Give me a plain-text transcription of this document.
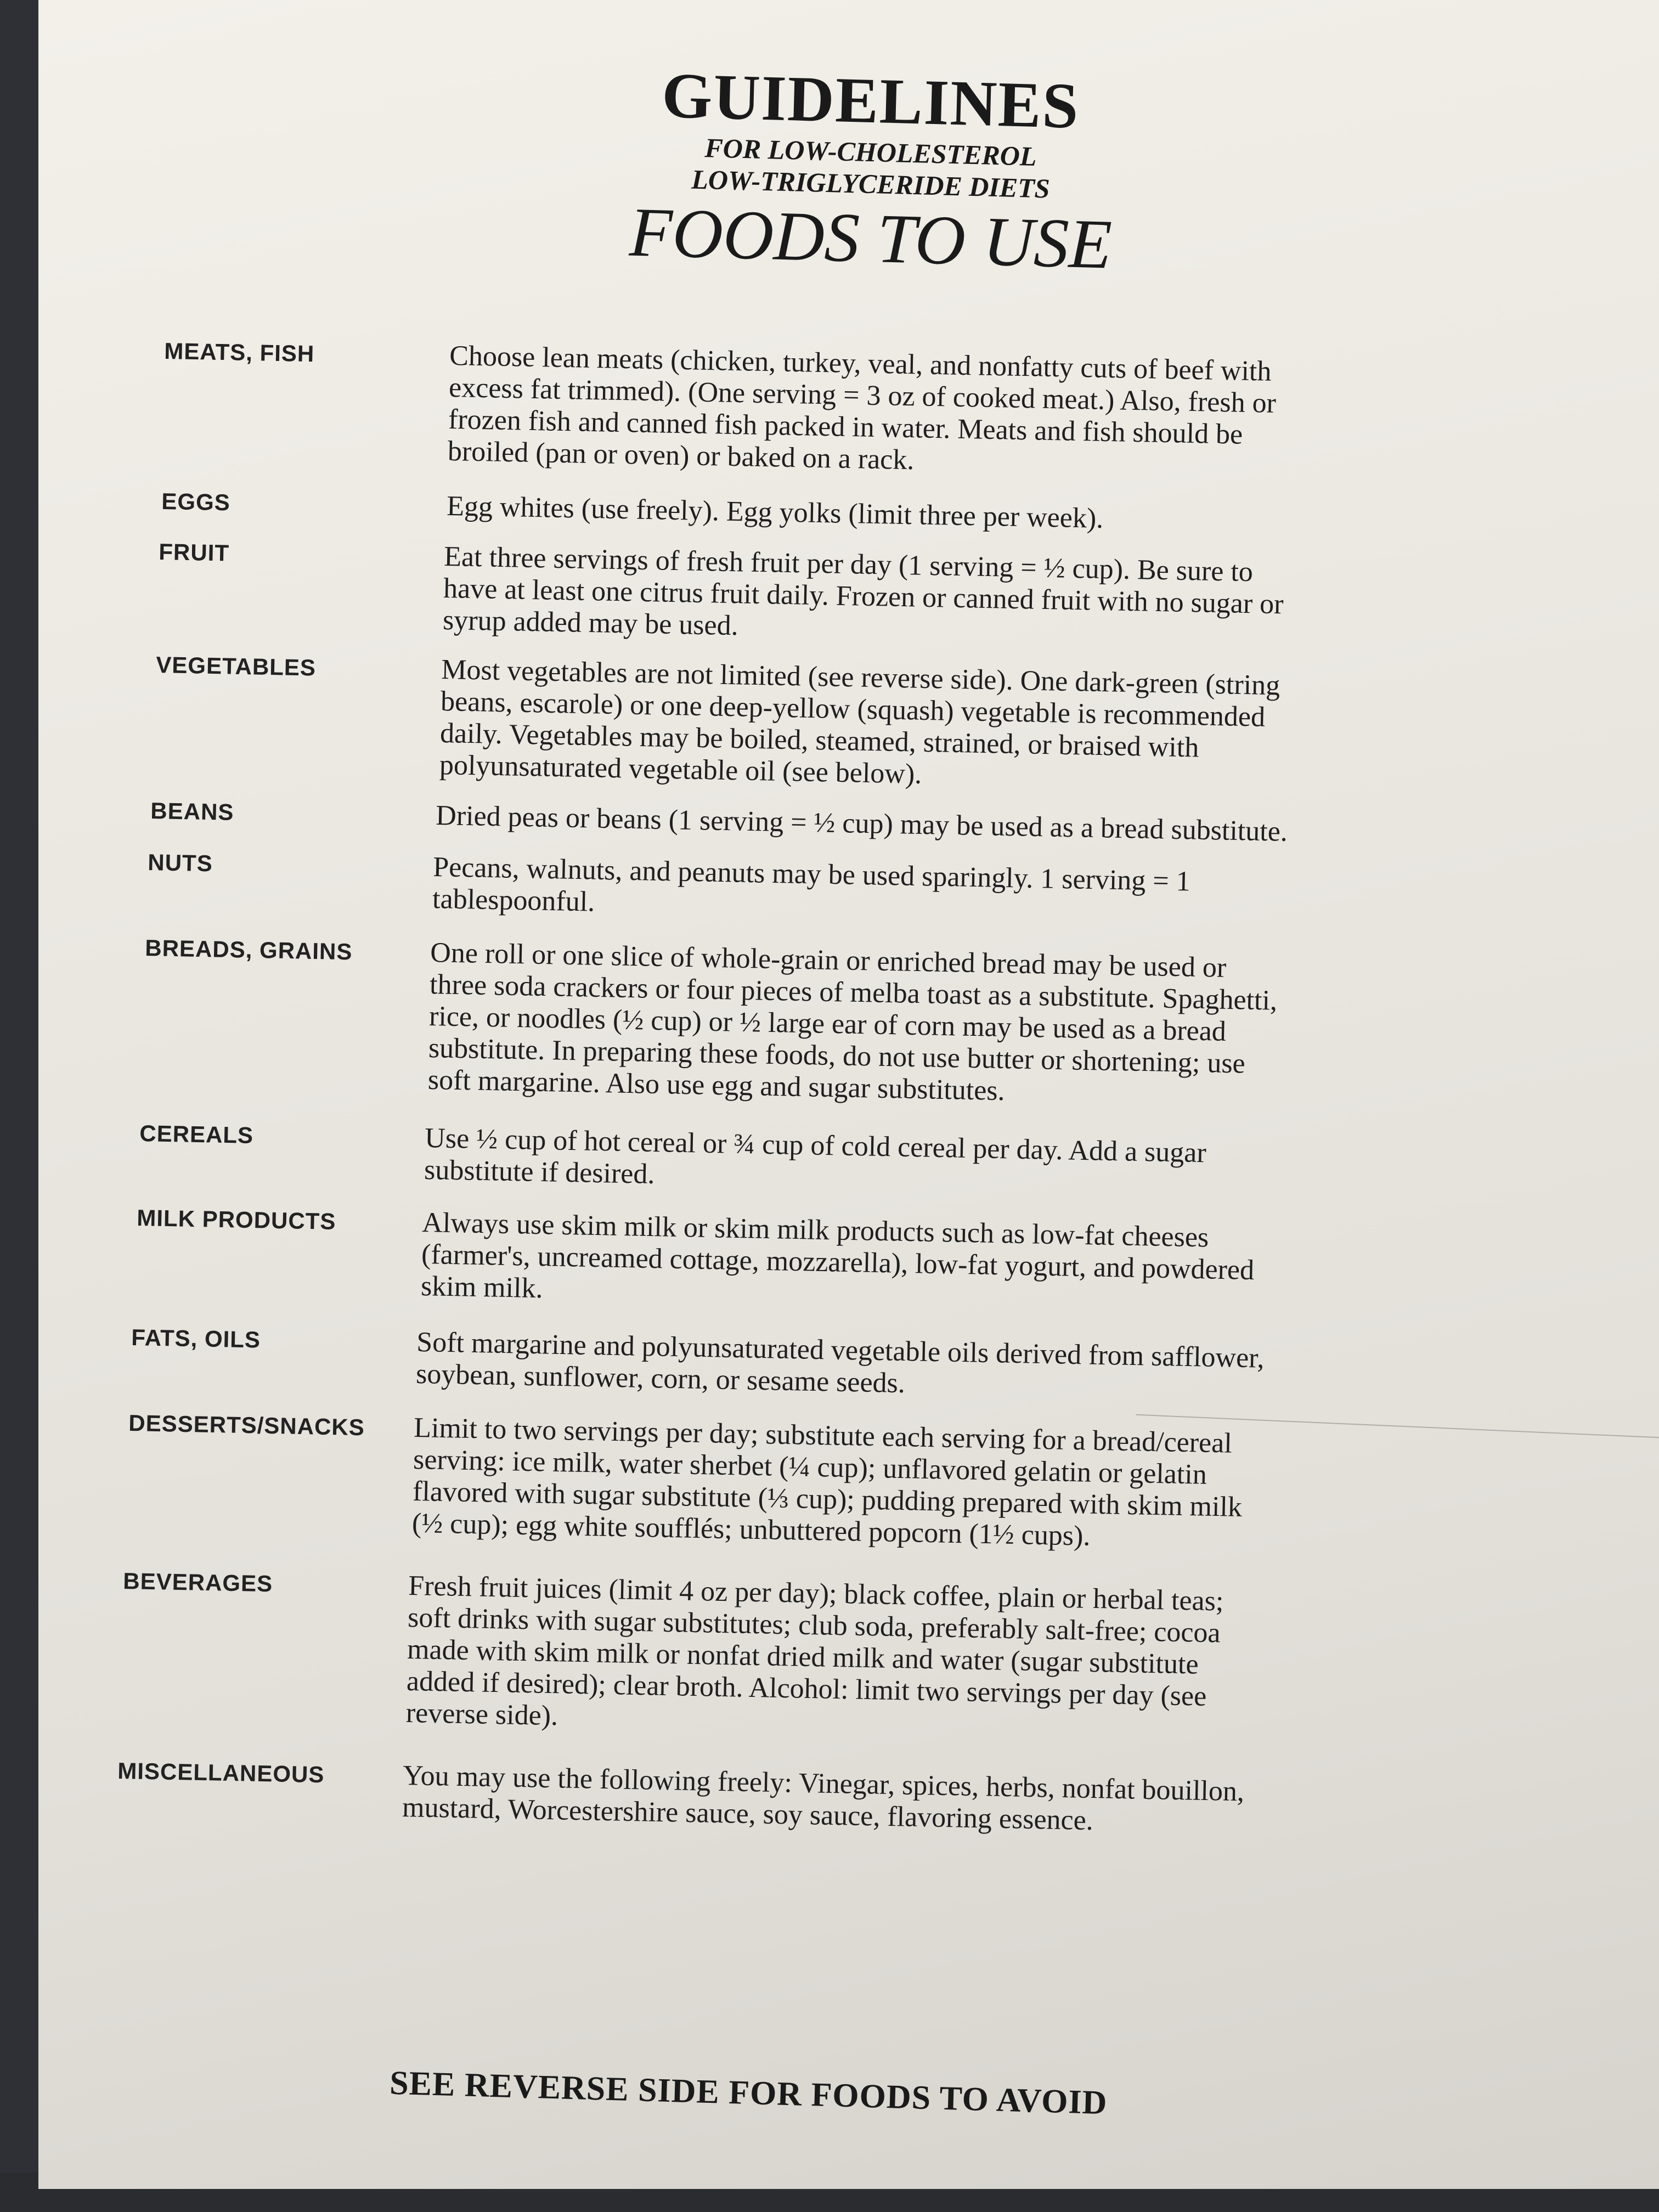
GUIDELINES
FOR LOW-CHOLESTEROL
LOW-TRIGLYCERIDE DIETS
FOODS TO USE
MEATS, FISH	Choose lean meats (chicken, turkey, veal, and nonfatty cuts of beef with excess fat trimmed). (One serving = 3 oz of cooked meat.) Also, fresh or frozen fish and canned fish packed in water. Meats and fish should be broiled (pan or oven) or baked on a rack.
EGGS	Egg whites (use freely). Egg yolks (limit three per week).
FRUIT	Eat three servings of fresh fruit per day (1 serving = ½ cup). Be sure to have at least one citrus fruit daily. Frozen or canned fruit with no sugar or syrup added may be used.
VEGETABLES	Most vegetables are not limited (see reverse side). One dark-green (string beans, escarole) or one deep-yellow (squash) vegetable is recommended daily. Vegetables may be boiled, steamed, strained, or braised with polyunsaturated vegetable oil (see below).
BEANS	Dried peas or beans (1 serving = ½ cup) may be used as a bread substitute.
NUTS	Pecans, walnuts, and peanuts may be used sparingly. 1 serving = 1 tablespoonful.
BREADS, GRAINS	One roll or one slice of whole-grain or enriched bread may be used or three soda crackers or four pieces of melba toast as a substitute. Spaghetti, rice, or noodles (½ cup) or ½ large ear of corn may be used as a bread substitute. In preparing these foods, do not use butter or shortening; use soft margarine. Also use egg and sugar substitutes.
CEREALS	Use ½ cup of hot cereal or ¾ cup of cold cereal per day. Add a sugar substitute if desired.
MILK PRODUCTS	Always use skim milk or skim milk products such as low-fat cheeses (farmer's, uncreamed cottage, mozzarella), low-fat yogurt, and powdered skim milk.
FATS, OILS	Soft margarine and polyunsaturated vegetable oils derived from safflower, soybean, sunflower, corn, or sesame seeds.
DESSERTS/SNACKS	Limit to two servings per day; substitute each serving for a bread/cereal serving: ice milk, water sherbet (¼ cup); unflavored gelatin or gelatin flavored with sugar substitute (⅓ cup); pudding prepared with skim milk (½ cup); egg white soufflés; unbuttered popcorn (1½ cups).
BEVERAGES	Fresh fruit juices (limit 4 oz per day); black coffee, plain or herbal teas; soft drinks with sugar substitutes; club soda, preferably salt-free; cocoa made with skim milk or nonfat dried milk and water (sugar substitute added if desired); clear broth. Alcohol: limit two servings per day (see reverse side).
MISCELLANEOUS	You may use the following freely: Vinegar, spices, herbs, nonfat bouillon, mustard, Worcestershire sauce, soy sauce, flavoring essence.
SEE REVERSE SIDE FOR FOODS TO AVOID
